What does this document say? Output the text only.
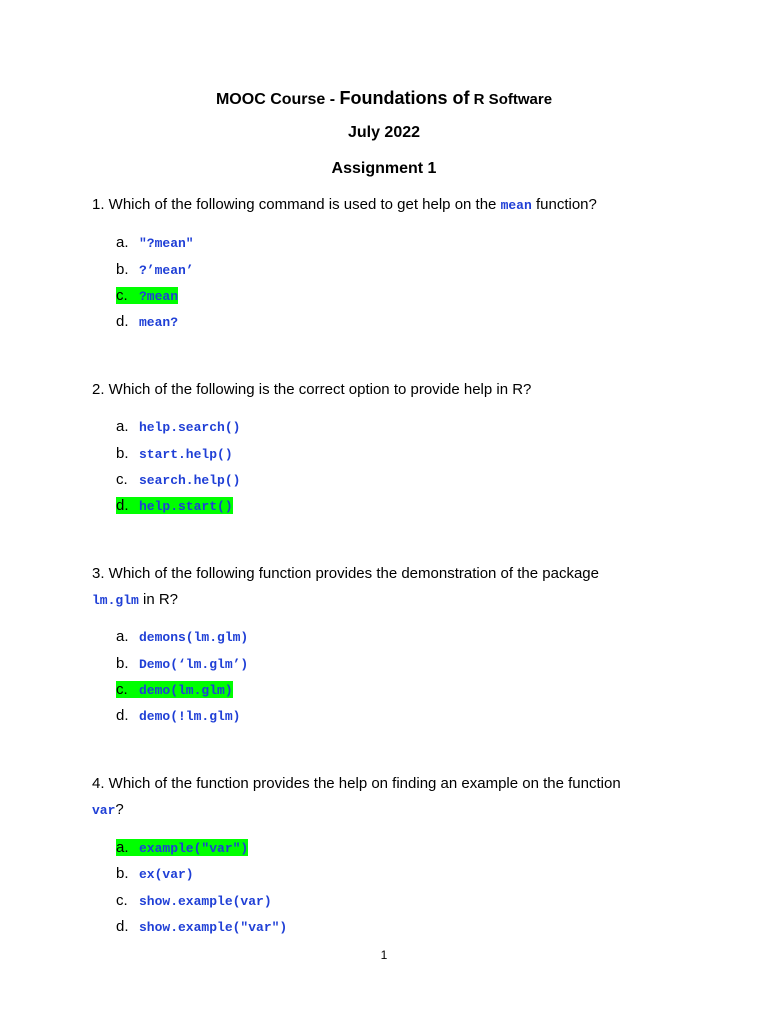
MOOC Course - Foundations of R Software
July 2022
Assignment 1
1. Which of the following command is used to get help on the mean function?
a. "?mean"
b. ?’mean’
c. ?mean
d. mean?
2. Which of the following is the correct option to provide help in R?
a. help.search()
b. start.help()
c. search.help()
d. help.start()
3. Which of the following function provides the demonstration of the package
lm.glm in R?
a. demons(lm.glm)
b. Demo(‘lm.glm’)
c. demo(lm.glm)
d. demo(!lm.glm)
4. Which of the function provides the help on finding an example on the function
var?
a. example("var")
b. ex(var)
c. show.example(var)
d. show.example("var")
1
